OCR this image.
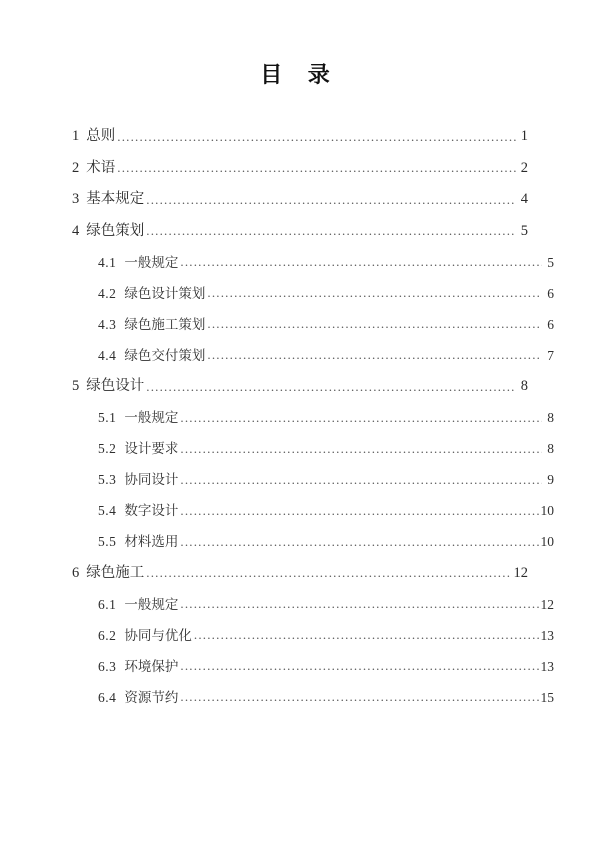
目 录
1 总则 .....	1
2 术语 .....	2
3 基本规定 .....	4
4 绿色策划 .....	5
4.1 一般规定 .....	5
4.2 绿色设计策划 .....	6
4.3 绿色施工策划 .....	6
4.4 绿色交付策划 .....	7
5 绿色设计 .....	8
5.1 一般规定 .....	8
5.2 设计要求 .....	8
5.3 协同设计 .....	9
5.4 数字设计 .....	10
5.5 材料选用 .....	10
6 绿色施工 .....	12
6.1 一般规定 .....	12
6.2 协同与优化 .....	13
6.3 环境保护 .....	13
6.4 资源节约 .....	15
